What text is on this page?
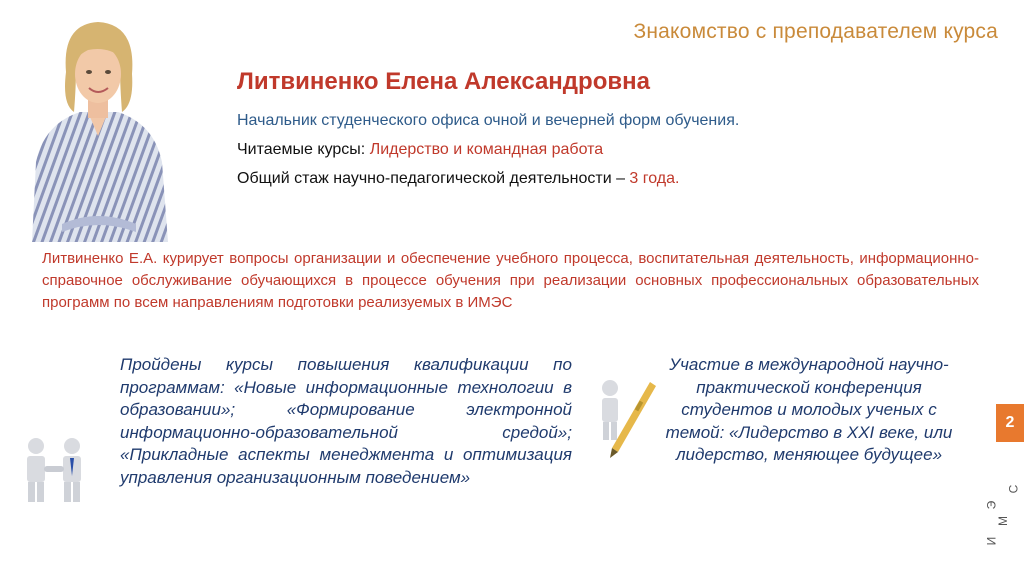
Знакомство с преподавателем курса
Литвиненко Елена Александровна
Начальник студенческого офиса очной и вечерней форм обучения.
Читаемые курсы: Лидерство и командная работа
Общий стаж научно-педагогической деятельности – 3 года.
Литвиненко Е.А. курирует вопросы организации и обеспечение учебного процесса, воспитательная деятельность, информационно-справочное обслуживание обучающихся в процессе обучения при реализации основных профессиональных образовательных программ по всем направлениям подготовки реализуемых в ИМЭС
Пройдены курсы повышения квалификации по программам: «Новые информационные технологии в образовании»; «Формирование электронной информационно-образовательной средой»; «Прикладные аспекты менеджмента и оптимизация управления организационным поведением»
Участие в международной научно-практической конференция студентов и молодых ученых с темой: «Лидерство в XXI веке, или лидерство, меняющее будущее»
2
И
М
Э
С
